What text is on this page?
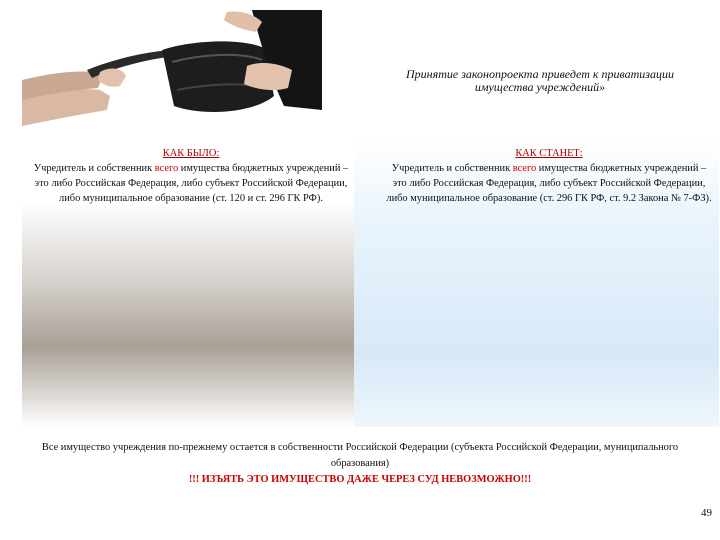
Принятие законопроекта приведет к приватизации имущества учреждений»
КАК БЫЛО:
Учредитель и собственник всего имущества бюджетных учреждений – это либо Российская Федерация, либо субъект Российской Федерации, либо муниципальное образование (ст. 120 и ст. 296 ГК РФ).
КАК СТАНЕТ:
Учредитель и собственник всего имущества бюджетных учреждений – это либо Российская Федерация, либо субъект Российской Федерации, либо муниципальное образование (ст. 296 ГК РФ, ст. 9.2 Закона № 7-ФЗ).
Все имущество учреждения по-прежнему остается в собственности Российской Федерации (субъекта Российской Федерации, муниципального образования)
!!! ИЗЪЯТЬ ЭТО ИМУЩЕСТВО ДАЖЕ ЧЕРЕЗ СУД НЕВОЗМОЖНО!!!
49
